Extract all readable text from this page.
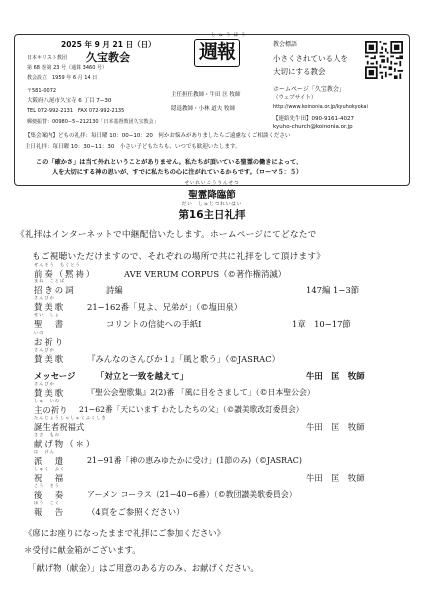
2025 年 9 月 21 日（日）
しゅうほう
週報
日本キリスト教団 久宝教会
第 68 巻第 23 号（通算 3460 号）
教会設立　1959 年 6 月 14 日
〒581-0072
大阪府八尾市久宝寺 6 丁目 7−30
TEL 072-992-2131　FAX 072-992-2135
郵便振替：00980−5−212130「日本基督教団久宝教会」
主任担任教師・牛田 匡 牧師
隠退教師・小林 道夫 牧師
教会標語
小さくされている人を
大切にする教会
ホームページ「久宝教会」
（ウェブサイト）
http://www.koinonia.or.jp/kyuhokyokai
【連絡先牛田】090-9161-4027
kyuho-church@koinonia.or.jp
【集会案内】どもの礼拝：毎日曜 10：00−10：20　何かお悩みがありましたらご遠慮なくご相談ください
主日礼拝：毎日曜 10：30−11：30　小さい子どもたちも、いつでも歓迎いたします。
この「確かさ」は当て外れということがありません。私たちが頂いている聖霊の働きによって、
人を大切にする神の思いが、すでに私たちの心に注がれているからです。（ローマ５：５）
せいれいこうりんせつ
聖霊降臨節
だい　しゅじつれいはい
第16主日礼拝
《礼拝はインターネットで中継配信いたします。ホームページにてどなたで
もご視聴いただけますので、それぞれの場所で共に礼拝をして頂けます》
ぜんそう　もくとう
前奏（黙祷）	AVE VERUM CORPUS（©著作権消滅）
まね　ことば
招きの詞	詩編	147編 1−3節
さんびか
賛美歌	21−162番「見よ、兄弟が」（©塩田泉）
せい　しょ
聖　書	コリントの信徒への手紙Ⅰ	1章　10−17節
いの
お祈り
さんびか
賛美歌	『みんなのさんびか１』「風と歌う」（©JASRAC）
メッセージ 「対立と一致を越えて」	牛田　匡　牧師
さんびか
賛美歌	『聖公会聖歌集』2(2)番 「風に目をさまして」（©日本聖公会）
しゅ　いの
主の祈り 21−62番「天にいます わたしたちの父」（©讃美歌改訂委員会）
たんじょうしゃしゅくふくしき
誕生者祝福式	牛田　匡　牧師
ささ　もの
献げ物（＊）
は　けん
派　遣	21−91番「神の恵みゆたかに受け」(1節のみ)（©JASRAC)
しゅく　ふく
祝　福	牛田　匡　牧師
こう　そう
後　奏	アーメン コーラス（21−40−6番）（©教団讃美歌委員会）
ほう　こく
報　告	（4頁をご参照ください）
《席にお座りになったままで礼拝にご参加ください》
＊受付に献金箱がございます。
「献げ物（献金）」はご用意のある方のみ、お献げください。
